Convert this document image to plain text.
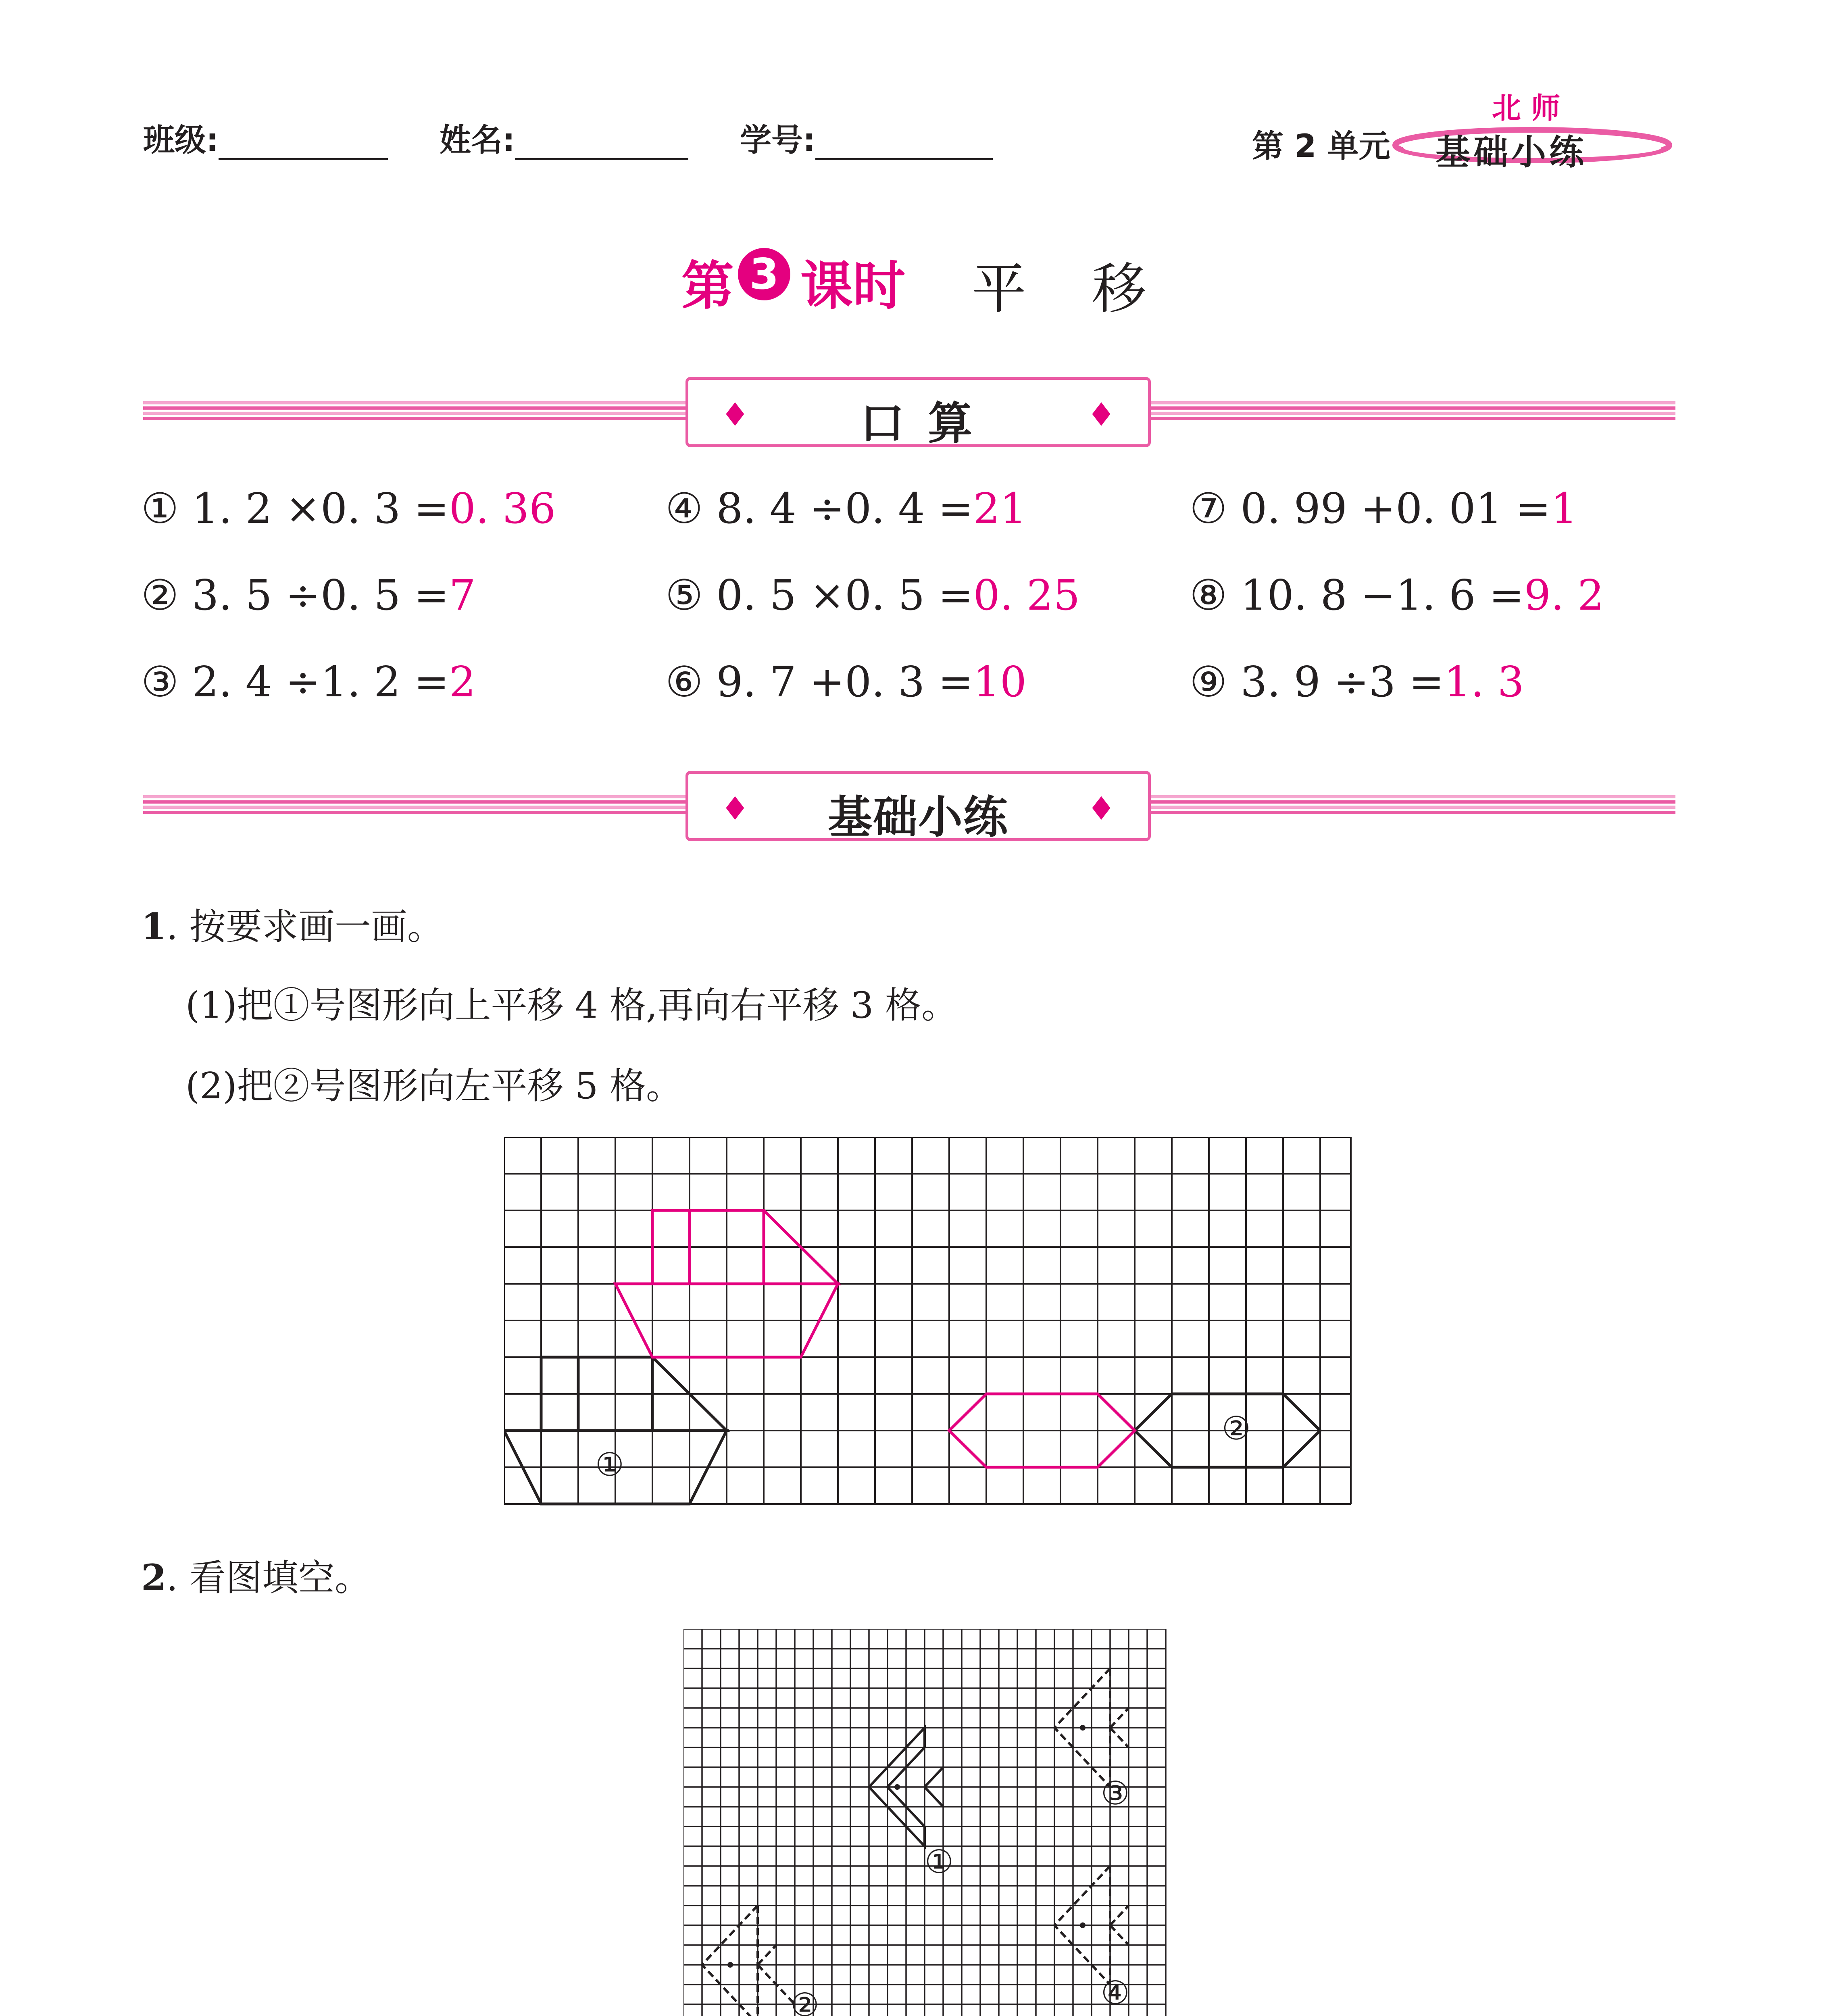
班级:	姓名:	学号:	第 2 单元 基础小练
北 师
第 3 课时 平 移
♦	口 算	♦
① 1. 2 ×0. 3 =0. 36	④ 8. 4 ÷0. 4 =21	⑦ 0. 99 +0. 01 =1
② 3. 5 ÷0. 5 =7	⑤ 0. 5 ×0. 5 =0. 25	⑧ 10. 8 −1. 6 =9. 2
③ 2. 4 ÷1. 2 =2	⑥ 9. 7 +0. 3 =10	⑨ 3. 9 ÷3 =1. 3
♦	基础小练	♦
1. 按要求画一画。
(1)把①号图形向上平移 4 格,再向右平移 3 格。
(2)把②号图形向左平移 5 格。
①
②
2. 看图填空。
①
②
③
④
